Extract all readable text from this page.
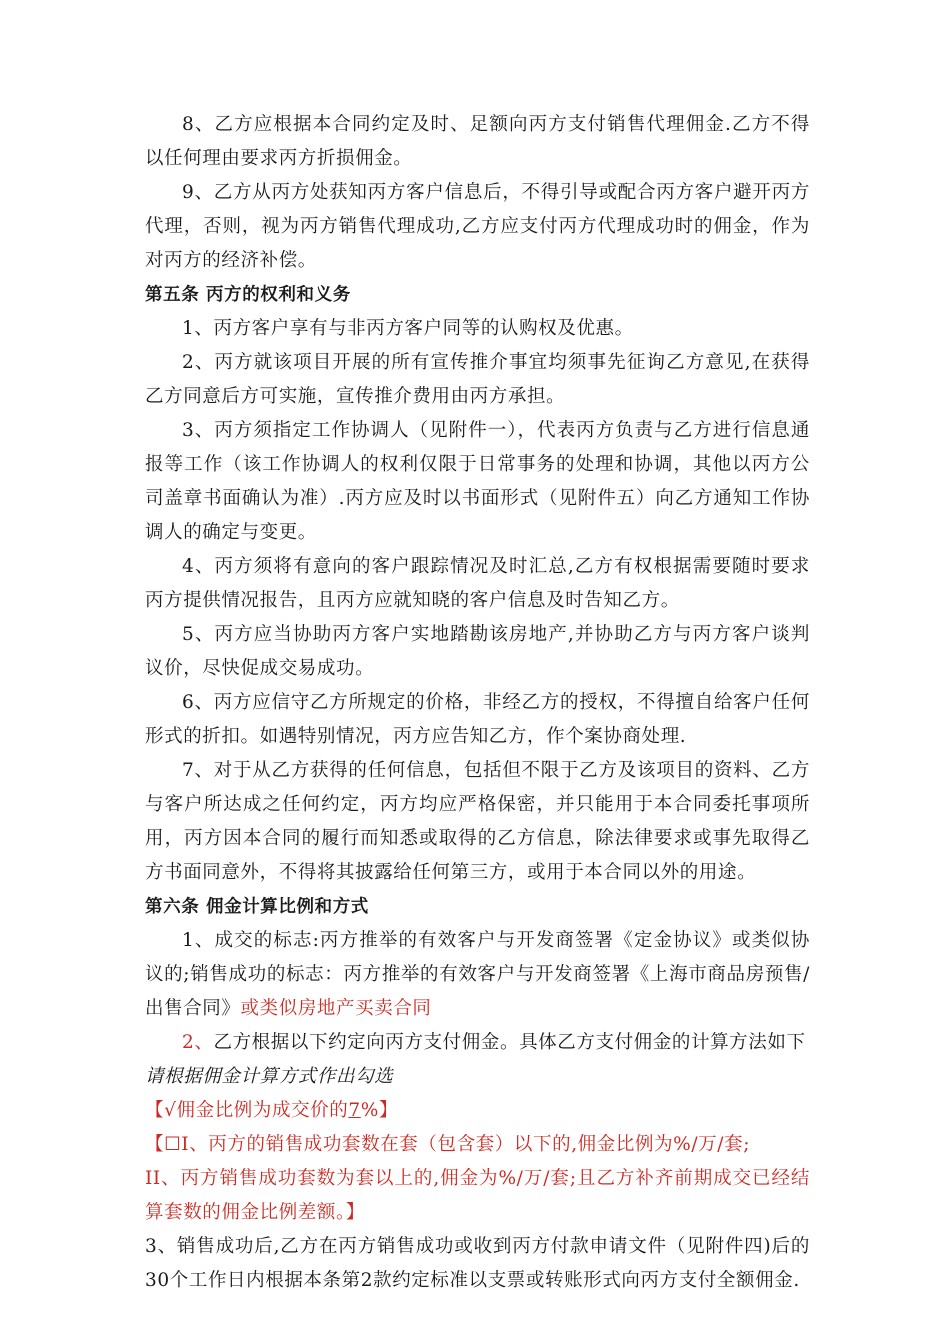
8、乙方应根据本合同约定及时、足额向丙方支付销售代理佣金.乙方不得以任何理由要求丙方折损佣金。

9、乙方从丙方处获知丙方客户信息后，不得引导或配合丙方客户避开丙方代理，否则，视为丙方销售代理成功,乙方应支付丙方代理成功时的佣金，作为对丙方的经济补偿。

第五条 丙方的权利和义务

1、丙方客户享有与非丙方客户同等的认购权及优惠。

2、丙方就该项目开展的所有宣传推介事宜均须事先征询乙方意见,在获得乙方同意后方可实施，宣传推介费用由丙方承担。

3、丙方须指定工作协调人（见附件一），代表丙方负责与乙方进行信息通报等工作（该工作协调人的权利仅限于日常事务的处理和协调，其他以丙方公司盖章书面确认为准）.丙方应及时以书面形式（见附件五）向乙方通知工作协调人的确定与变更。

4、丙方须将有意向的客户跟踪情况及时汇总,乙方有权根据需要随时要求丙方提供情况报告，且丙方应就知晓的客户信息及时告知乙方。

5、丙方应当协助丙方客户实地踏勘该房地产,并协助乙方与丙方客户谈判议价，尽快促成交易成功。

6、丙方应信守乙方所规定的价格，非经乙方的授权，不得擅自给客户任何形式的折扣。如遇特别情况，丙方应告知乙方，作个案协商处理.

7、对于从乙方获得的任何信息，包括但不限于乙方及该项目的资料、乙方与客户所达成之任何约定，丙方均应严格保密，并只能用于本合同委托事项所用，丙方因本合同的履行而知悉或取得的乙方信息，除法律要求或事先取得乙方书面同意外，不得将其披露给任何第三方，或用于本合同以外的用途。

第六条 佣金计算比例和方式

1、成交的标志:丙方推举的有效客户与开发商签署《定金协议》或类似协议的;销售成功的标志：丙方推举的有效客户与开发商签署《上海市商品房预售/出售合同》或类似房地产买卖合同

2、乙方根据以下约定向丙方支付佣金。具体乙方支付佣金的计算方法如下

请根据佣金计算方式作出勾选

【√佣金比例为成交价的7%】

【☐I、丙方的销售成功套数在套（包含套）以下的,佣金比例为%/万/套;

II、丙方销售成功套数为套以上的,佣金为%/万/套;且乙方补齐前期成交已经结算套数的佣金比例差额。】

3、销售成功后,乙方在丙方销售成功或收到丙方付款申请文件（见附件四)后的30个工作日内根据本条第2款约定标准以支票或转账形式向丙方支付全额佣金.
